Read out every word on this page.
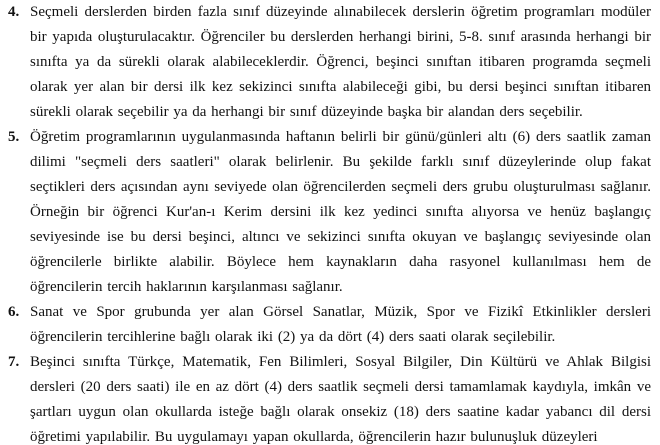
4. Seçmeli derslerden birden fazla sınıf düzeyinde alınabilecek derslerin öğretim programları modüler bir yapıda oluşturulacaktır. Öğrenciler bu derslerden herhangi birini, 5-8. sınıf arasında herhangi bir sınıfta ya da sürekli olarak alabileceklerdir. Öğrenci, beşinci sınıftan itibaren programda seçmeli olarak yer alan bir dersi ilk kez sekizinci sınıfta alabileceği gibi, bu dersi beşinci sınıftan itibaren sürekli olarak seçebilir ya da herhangi bir sınıf düzeyinde başka bir alandan ders seçebilir.

5. Öğretim programlarının uygulanmasında haftanın belirli bir günü/günleri altı (6) ders saatlik zaman dilimi "seçmeli ders saatleri" olarak belirlenir. Bu şekilde farklı sınıf düzeylerinde olup fakat seçtikleri ders açısından aynı seviyede olan öğrencilerden seçmeli ders grubu oluşturulması sağlanır. Örneğin bir öğrenci Kur'an-ı Kerim dersini ilk kez yedinci sınıfta alıyorsa ve henüz başlangıç seviyesinde ise bu dersi beşinci, altıncı ve sekizinci sınıfta okuyan ve başlangıç seviyesinde olan öğrencilerle birlikte alabilir. Böylece hem kaynakların daha rasyonel kullanılması hem de öğrencilerin tercih haklarının karşılanması sağlanır.

6. Sanat ve Spor grubunda yer alan Görsel Sanatlar, Müzik, Spor ve Fizikî Etkinlikler dersleri öğrencilerin tercihlerine bağlı olarak iki (2) ya da dört (4) ders saati olarak seçilebilir.

7. Beşinci sınıfta Türkçe, Matematik, Fen Bilimleri, Sosyal Bilgiler, Din Kültürü ve Ahlak Bilgisi dersleri (20 ders saati) ile en az dört (4) ders saatlik seçmeli dersi tamamlamak kaydıyla, imkân ve şartları uygun olan okullarda isteğe bağlı olarak onsekiz (18) ders saatine kadar yabancı dil dersi öğretimi yapılabilir. Bu uygulamayı yapan okullarda, öğrencilerin hazır bulunuşluk düzeyleri
